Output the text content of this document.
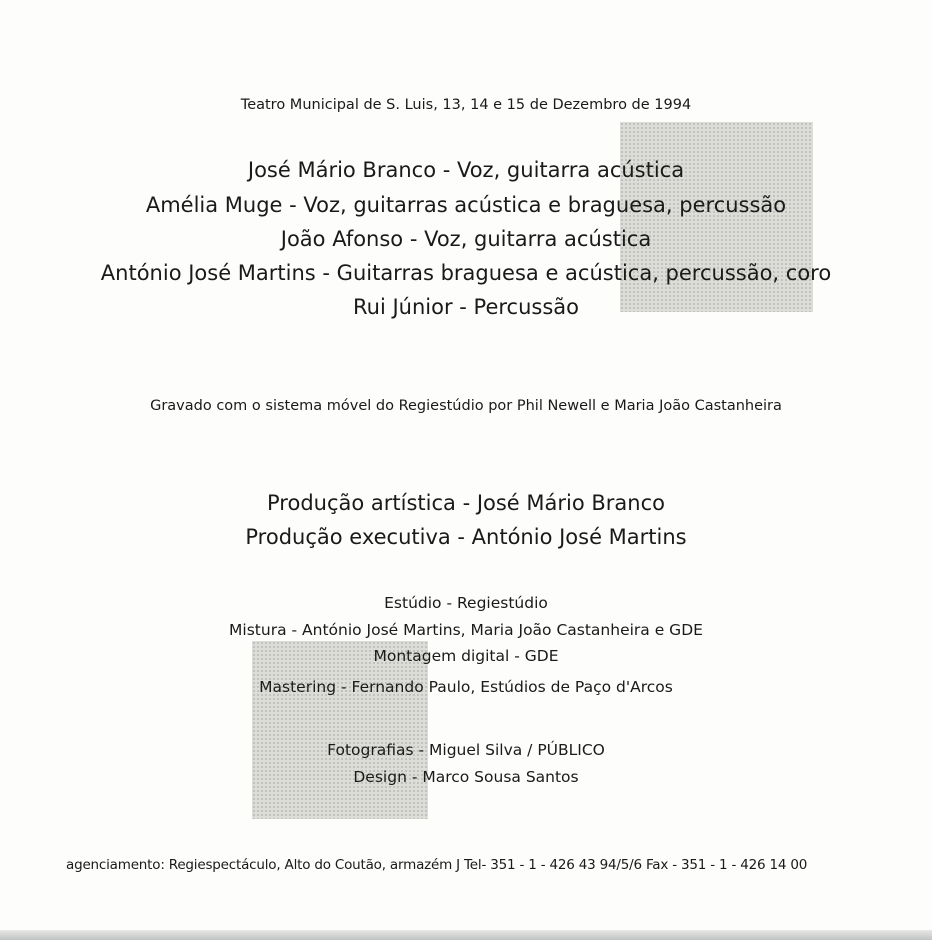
Teatro Municipal de S. Luis, 13, 14 e 15 de Dezembro de 1994
José Mário Branco - Voz, guitarra acústica
Amélia Muge - Voz, guitarras acústica e braguesa, percussão
João Afonso - Voz, guitarra acústica
António José Martins - Guitarras braguesa e acústica, percussão, coro
Rui Júnior - Percussão
Gravado com o sistema móvel do Regiestúdio por Phil Newell e Maria João Castanheira
Produção artística - José Mário Branco
Produção executiva - António José Martins
Estúdio - Regiestúdio
Mistura - António José Martins, Maria João Castanheira e GDE
Montagem digital - GDE
Mastering - Fernando Paulo, Estúdios de Paço d'Arcos
Fotografias - Miguel Silva / PÚBLICO
Design - Marco Sousa Santos
agenciamento: Regiespectáculo, Alto do Coutão, armazém J Tel- 351 - 1 - 426 43 94/5/6 Fax - 351 - 1 - 426 14 00
